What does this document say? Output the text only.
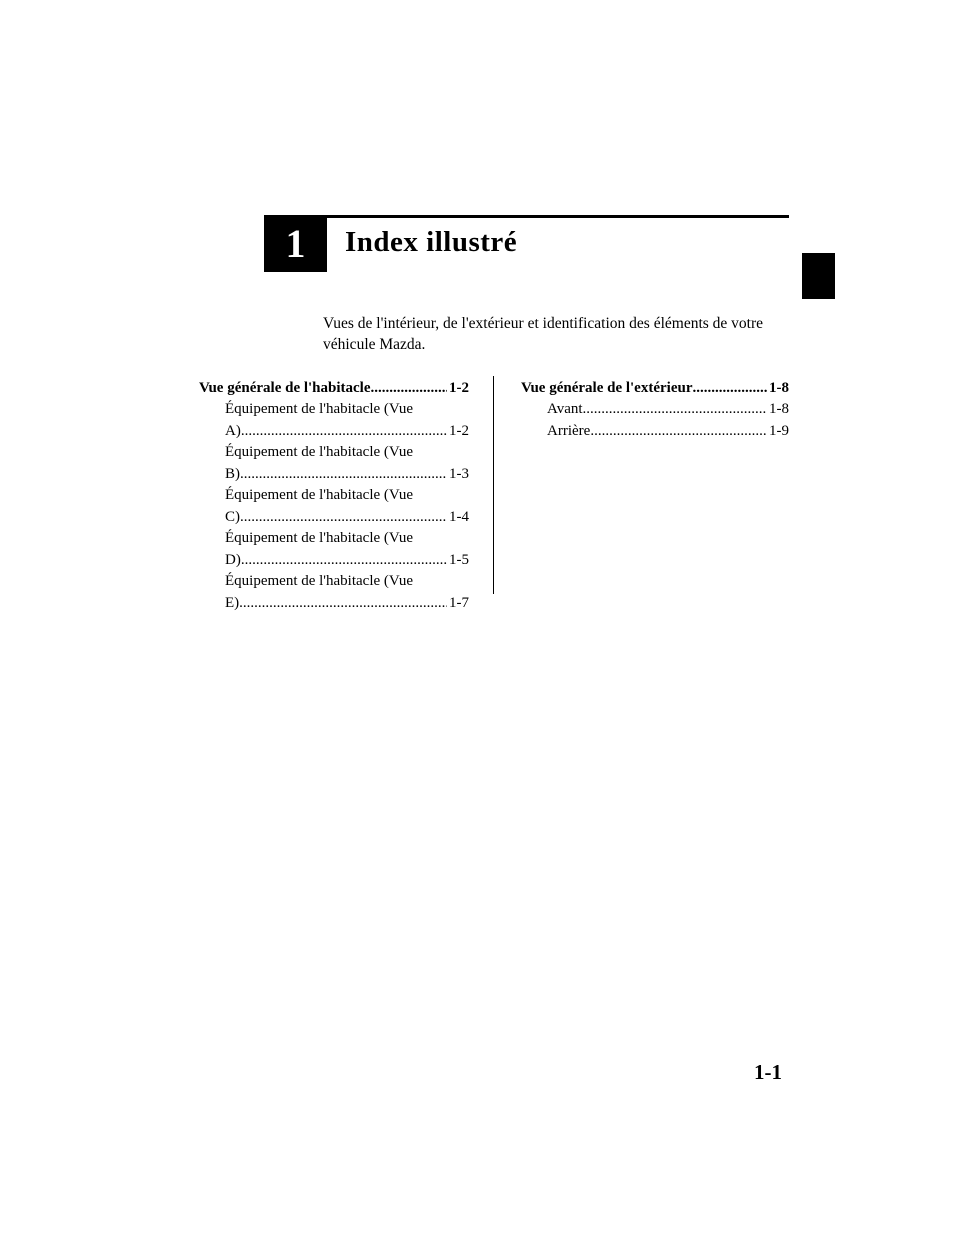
1 Index illustré

Vues de l'intérieur, de l'extérieur et identification des éléments de votre véhicule Mazda.

Vue générale de l'habitacle .....	1-2
Équipement de l'habitacle (Vue
A) .....	1-2
Équipement de l'habitacle (Vue
B) .....	1-3
Équipement de l'habitacle (Vue
C) .....	1-4
Équipement de l'habitacle (Vue
D) .....	1-5
Équipement de l'habitacle (Vue
E) .....	1-7
Vue générale de l'extérieur .....	1-8
Avant .....	1-8
Arrière .....	1-9
1-1
